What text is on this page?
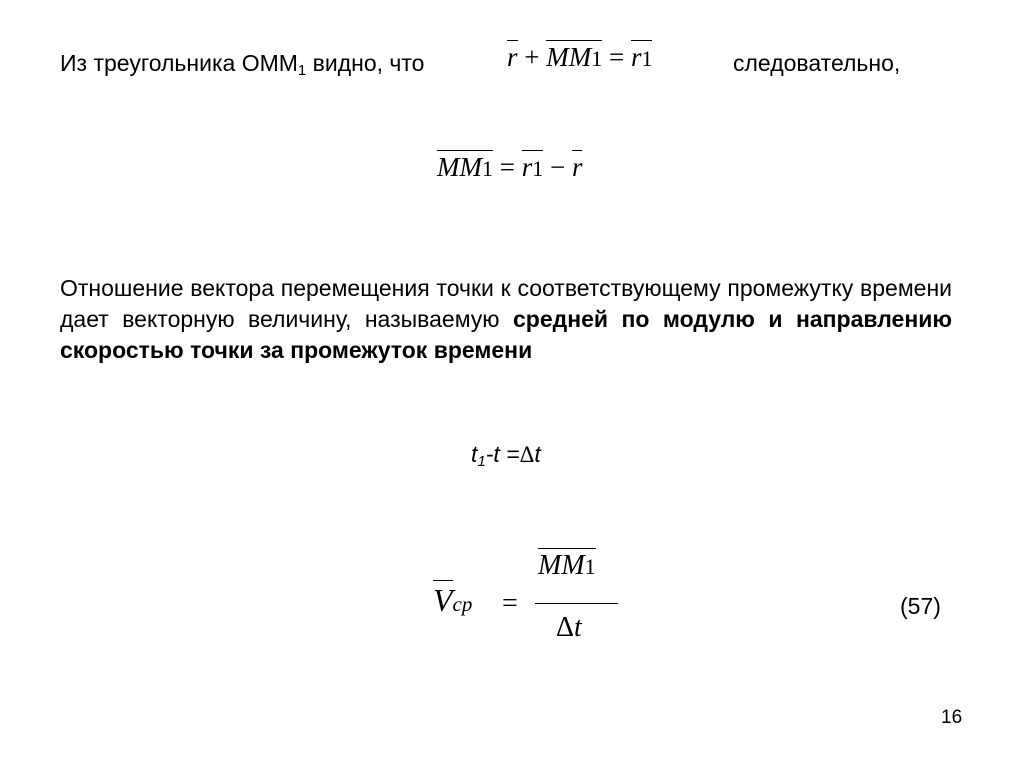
Из треугольника $ОММ_1$ видно, что	r + MM1 = r1	следовательно,
MM1 = r1 − r
Отношение вектора перемещения точки к соответствующему промежутку времени дает векторную величину, называемую средней по модулю и направлению скоростью точки за промежуток времени
$t_1-t =\Delta t$
Vcp =
MM1
Δt
(57)
16
